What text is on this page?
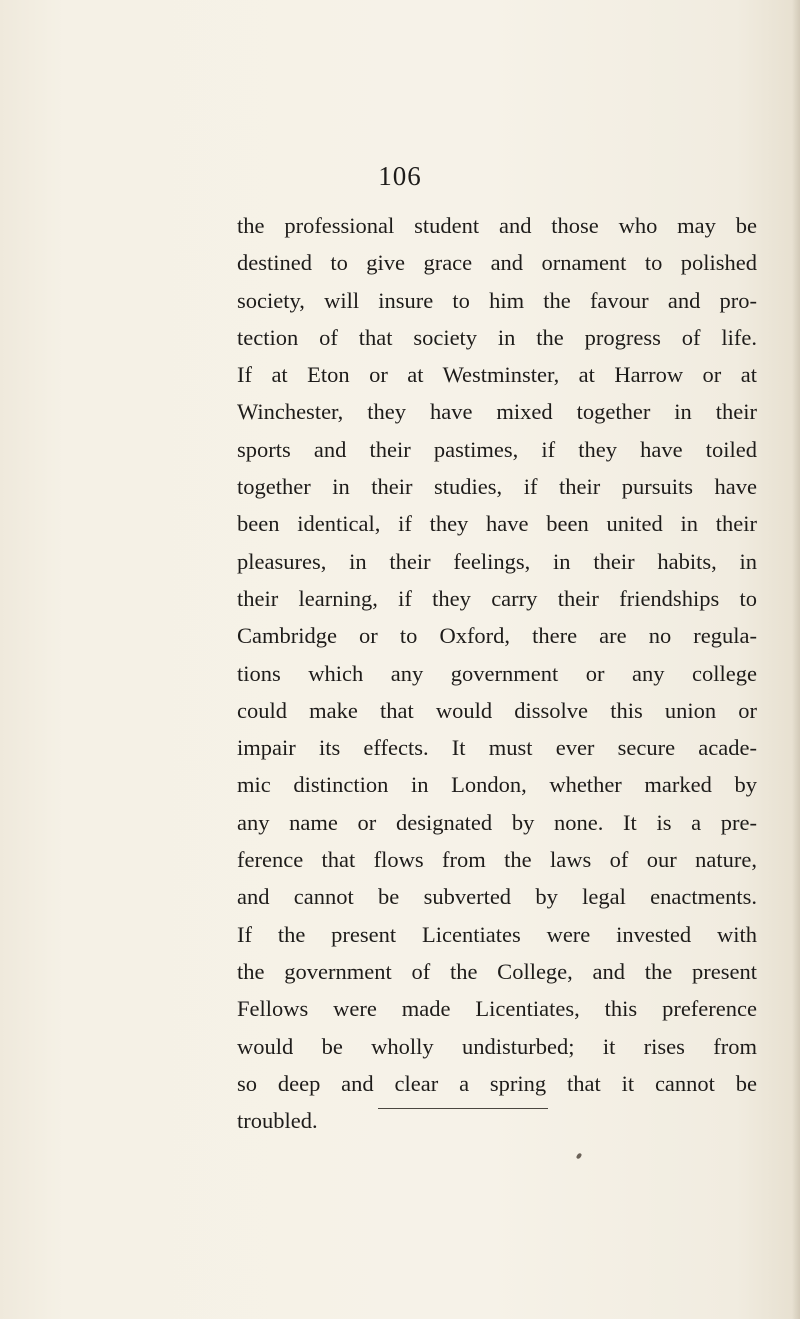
106
the professional student and those who may be
destined to give grace and ornament to polished
society, will insure to him the favour and pro-
tection of that society in the progress of life.
If at Eton or at Westminster, at Harrow or at
Winchester, they have mixed together in their
sports and their pastimes, if they have toiled
together in their studies, if their pursuits have
been identical, if they have been united in their
pleasures, in their feelings, in their habits, in
their learning, if they carry their friendships to
Cambridge or to Oxford, there are no regula-
tions which any government or any college
could make that would dissolve this union or
impair its effects. It must ever secure acade-
mic distinction in London, whether marked by
any name or designated by none. It is a pre-
ference that flows from the laws of our nature,
and cannot be subverted by legal enactments.
If the present Licentiates were invested with
the government of the College, and the present
Fellows were made Licentiates, this preference
would be wholly undisturbed; it rises from
so deep and clear a spring that it cannot be
troubled.
